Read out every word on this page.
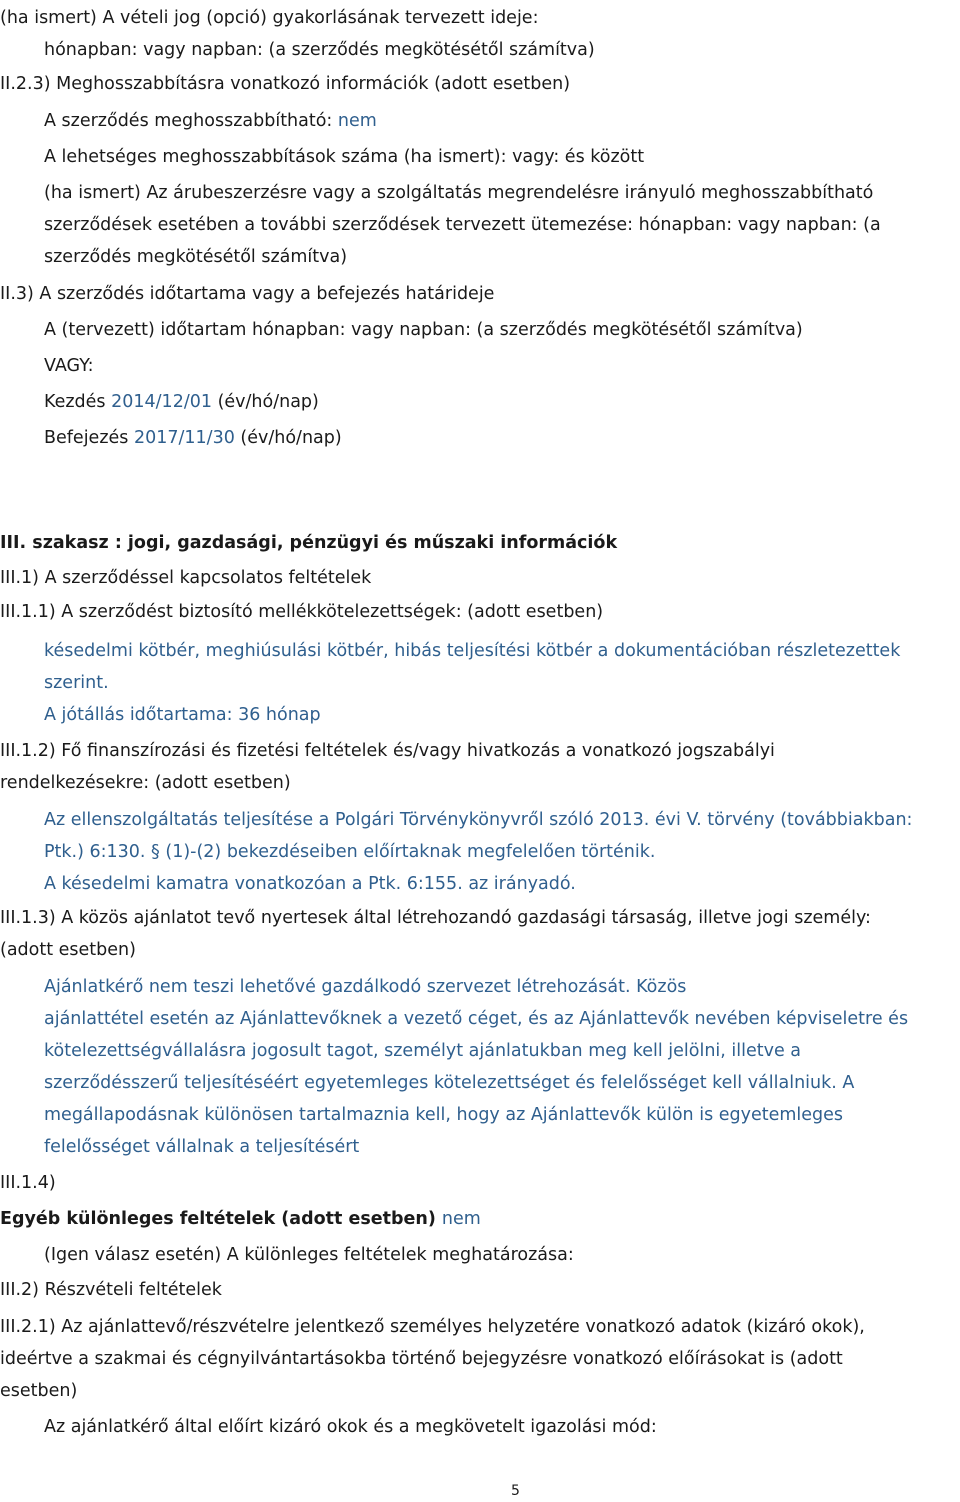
(ha ismert) A vételi jog (opció) gyakorlásának tervezett ideje:
hónapban: vagy napban: (a szerződés megkötésétől számítva)
II.2.3) Meghosszabbításra vonatkozó információk (adott esetben)
A szerződés meghosszabbítható: nem
A lehetséges meghosszabbítások száma (ha ismert): vagy: és között
(ha ismert) Az árubeszerzésre vagy a szolgáltatás megrendelésre irányuló meghosszabbítható
szerződések esetében a további szerződések tervezett ütemezése: hónapban: vagy napban: (a
szerződés megkötésétől számítva)
II.3) A szerződés időtartama vagy a befejezés határideje
A (tervezett) időtartam hónapban: vagy napban: (a szerződés megkötésétől számítva)
VAGY:
Kezdés 2014/12/01 (év/hó/nap)
Befejezés 2017/11/30 (év/hó/nap)
III. szakasz : jogi, gazdasági, pénzügyi és műszaki információk
III.1) A szerződéssel kapcsolatos feltételek
III.1.1) A szerződést biztosító mellékkötelezettségek: (adott esetben)
késedelmi kötbér, meghiúsulási kötbér, hibás teljesítési kötbér a dokumentációban részletezettek
szerint.
A jótállás időtartama: 36 hónap
III.1.2) Fő finanszírozási és fizetési feltételek és/vagy hivatkozás a vonatkozó jogszabályi
rendelkezésekre: (adott esetben)
Az ellenszolgáltatás teljesítése a Polgári Törvénykönyvről szóló 2013. évi V. törvény (továbbiakban:
Ptk.) 6:130. § (1)-(2) bekezdéseiben előírtaknak megfelelően történik.
A késedelmi kamatra vonatkozóan a Ptk. 6:155. az irányadó.
III.1.3) A közös ajánlatot tevő nyertesek által létrehozandó gazdasági társaság, illetve jogi személy:
(adott esetben)
Ajánlatkérő nem teszi lehetővé gazdálkodó szervezet létrehozását. Közös
ajánlattétel esetén az Ajánlattevőknek a vezető céget, és az Ajánlattevők nevében képviseletre és
kötelezettségvállalásra jogosult tagot, személyt ajánlatukban meg kell jelölni, illetve a
szerződésszerű teljesítéséért egyetemleges kötelezettséget és felelősséget kell vállalniuk. A
megállapodásnak különösen tartalmaznia kell, hogy az Ajánlattevők külön is egyetemleges
felelősséget vállalnak a teljesítésért
III.1.4)
Egyéb különleges feltételek (adott esetben) nem
(Igen válasz esetén) A különleges feltételek meghatározása:
III.2) Részvételi feltételek
III.2.1) Az ajánlattevő/részvételre jelentkező személyes helyzetére vonatkozó adatok (kizáró okok),
ideértve a szakmai és cégnyilvántartásokba történő bejegyzésre vonatkozó előírásokat is (adott
esetben)
Az ajánlatkérő által előírt kizáró okok és a megkövetelt igazolási mód:
5
